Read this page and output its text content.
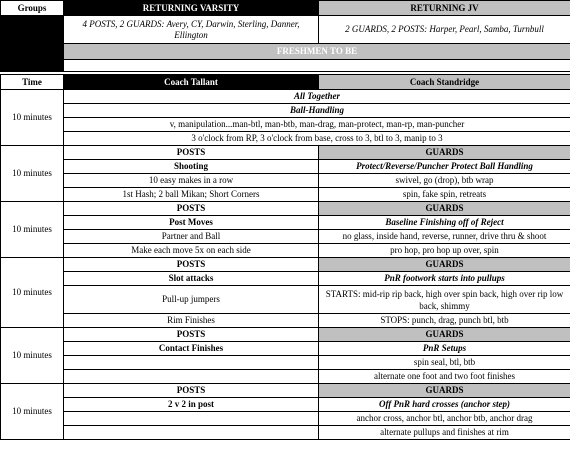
Groups	RETURNING VARSITY	RETURNING JV
	4 POSTS, 2 GUARDS: Avery, CY, Darwin, Sterling, Danner, Ellington	2 GUARDS, 2 POSTS: Harper, Pearl, Samba, Turnbull
	FRESHMEN TO BE	

Time	Coach Tallant	Coach Standridge
10 minutes	All Together	
	Ball-Handling	
	v, manipulation...man-btl, man-btb, man-drag, man-protect, man-rp, man-puncher	
	3 o'clock from RP, 3 o'clock from base, cross to 3, btl to 3, manip to 3	
10 minutes	POSTS	GUARDS
	Shooting	Protect/Reverse/Puncher Protect Ball Handling
	10 easy makes in a row	swivel, go (drop), btb wrap
	1st Hash; 2 ball Mikan; Short Corners	spin, fake spin, retreats
10 minutes	POSTS	GUARDS
	Post Moves	Baseline Finishing off of Reject
	Partner and Ball	no glass, inside hand, reverse, runner, drive thru & shoot
	Make each move 5x on each side	pro hop, pro hop up over, spin
10 minutes	POSTS	GUARDS
	Slot attacks	PnR footwork starts into pullups
	Pull-up jumpers	STARTS: mid-rip rip back, high over spin back, high over rip low back, shimmy
	Rim Finishes	STOPS: punch, drag, punch btl, btb
10 minutes	POSTS	GUARDS
	Contact Finishes	PnR Setups
		spin seal, btl, btb
		alternate one foot and two foot finishes
10 minutes	POSTS	GUARDS
	2 v 2 in post	Off PnR hard crosses (anchor step)
		anchor cross, anchor btl, anchor btb, anchor drag
		alternate pullups and finishes at rim
